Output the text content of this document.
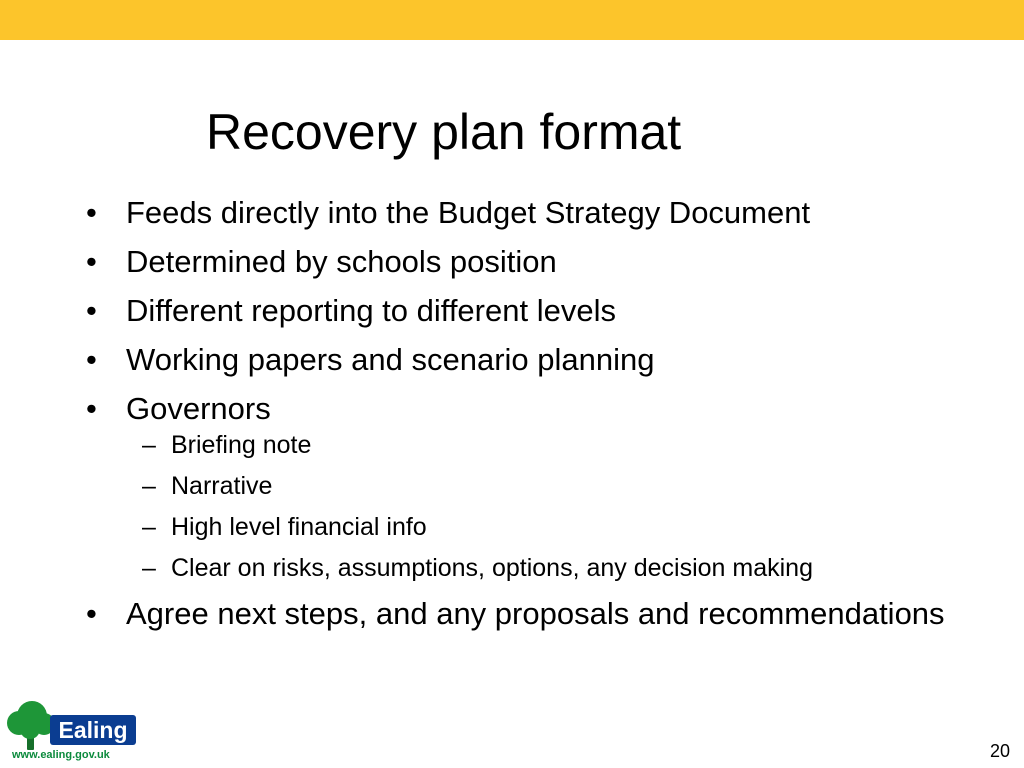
Recovery plan format
• Feeds directly into the Budget Strategy Document
• Determined by schools position
• Different reporting to different levels
• Working papers and scenario planning
• Governors
– Briefing note
– Narrative
– High level financial info
– Clear on risks, assumptions, options, any decision making
• Agree next steps, and any proposals and recommendations
Ealing
www.ealing.gov.uk	20
